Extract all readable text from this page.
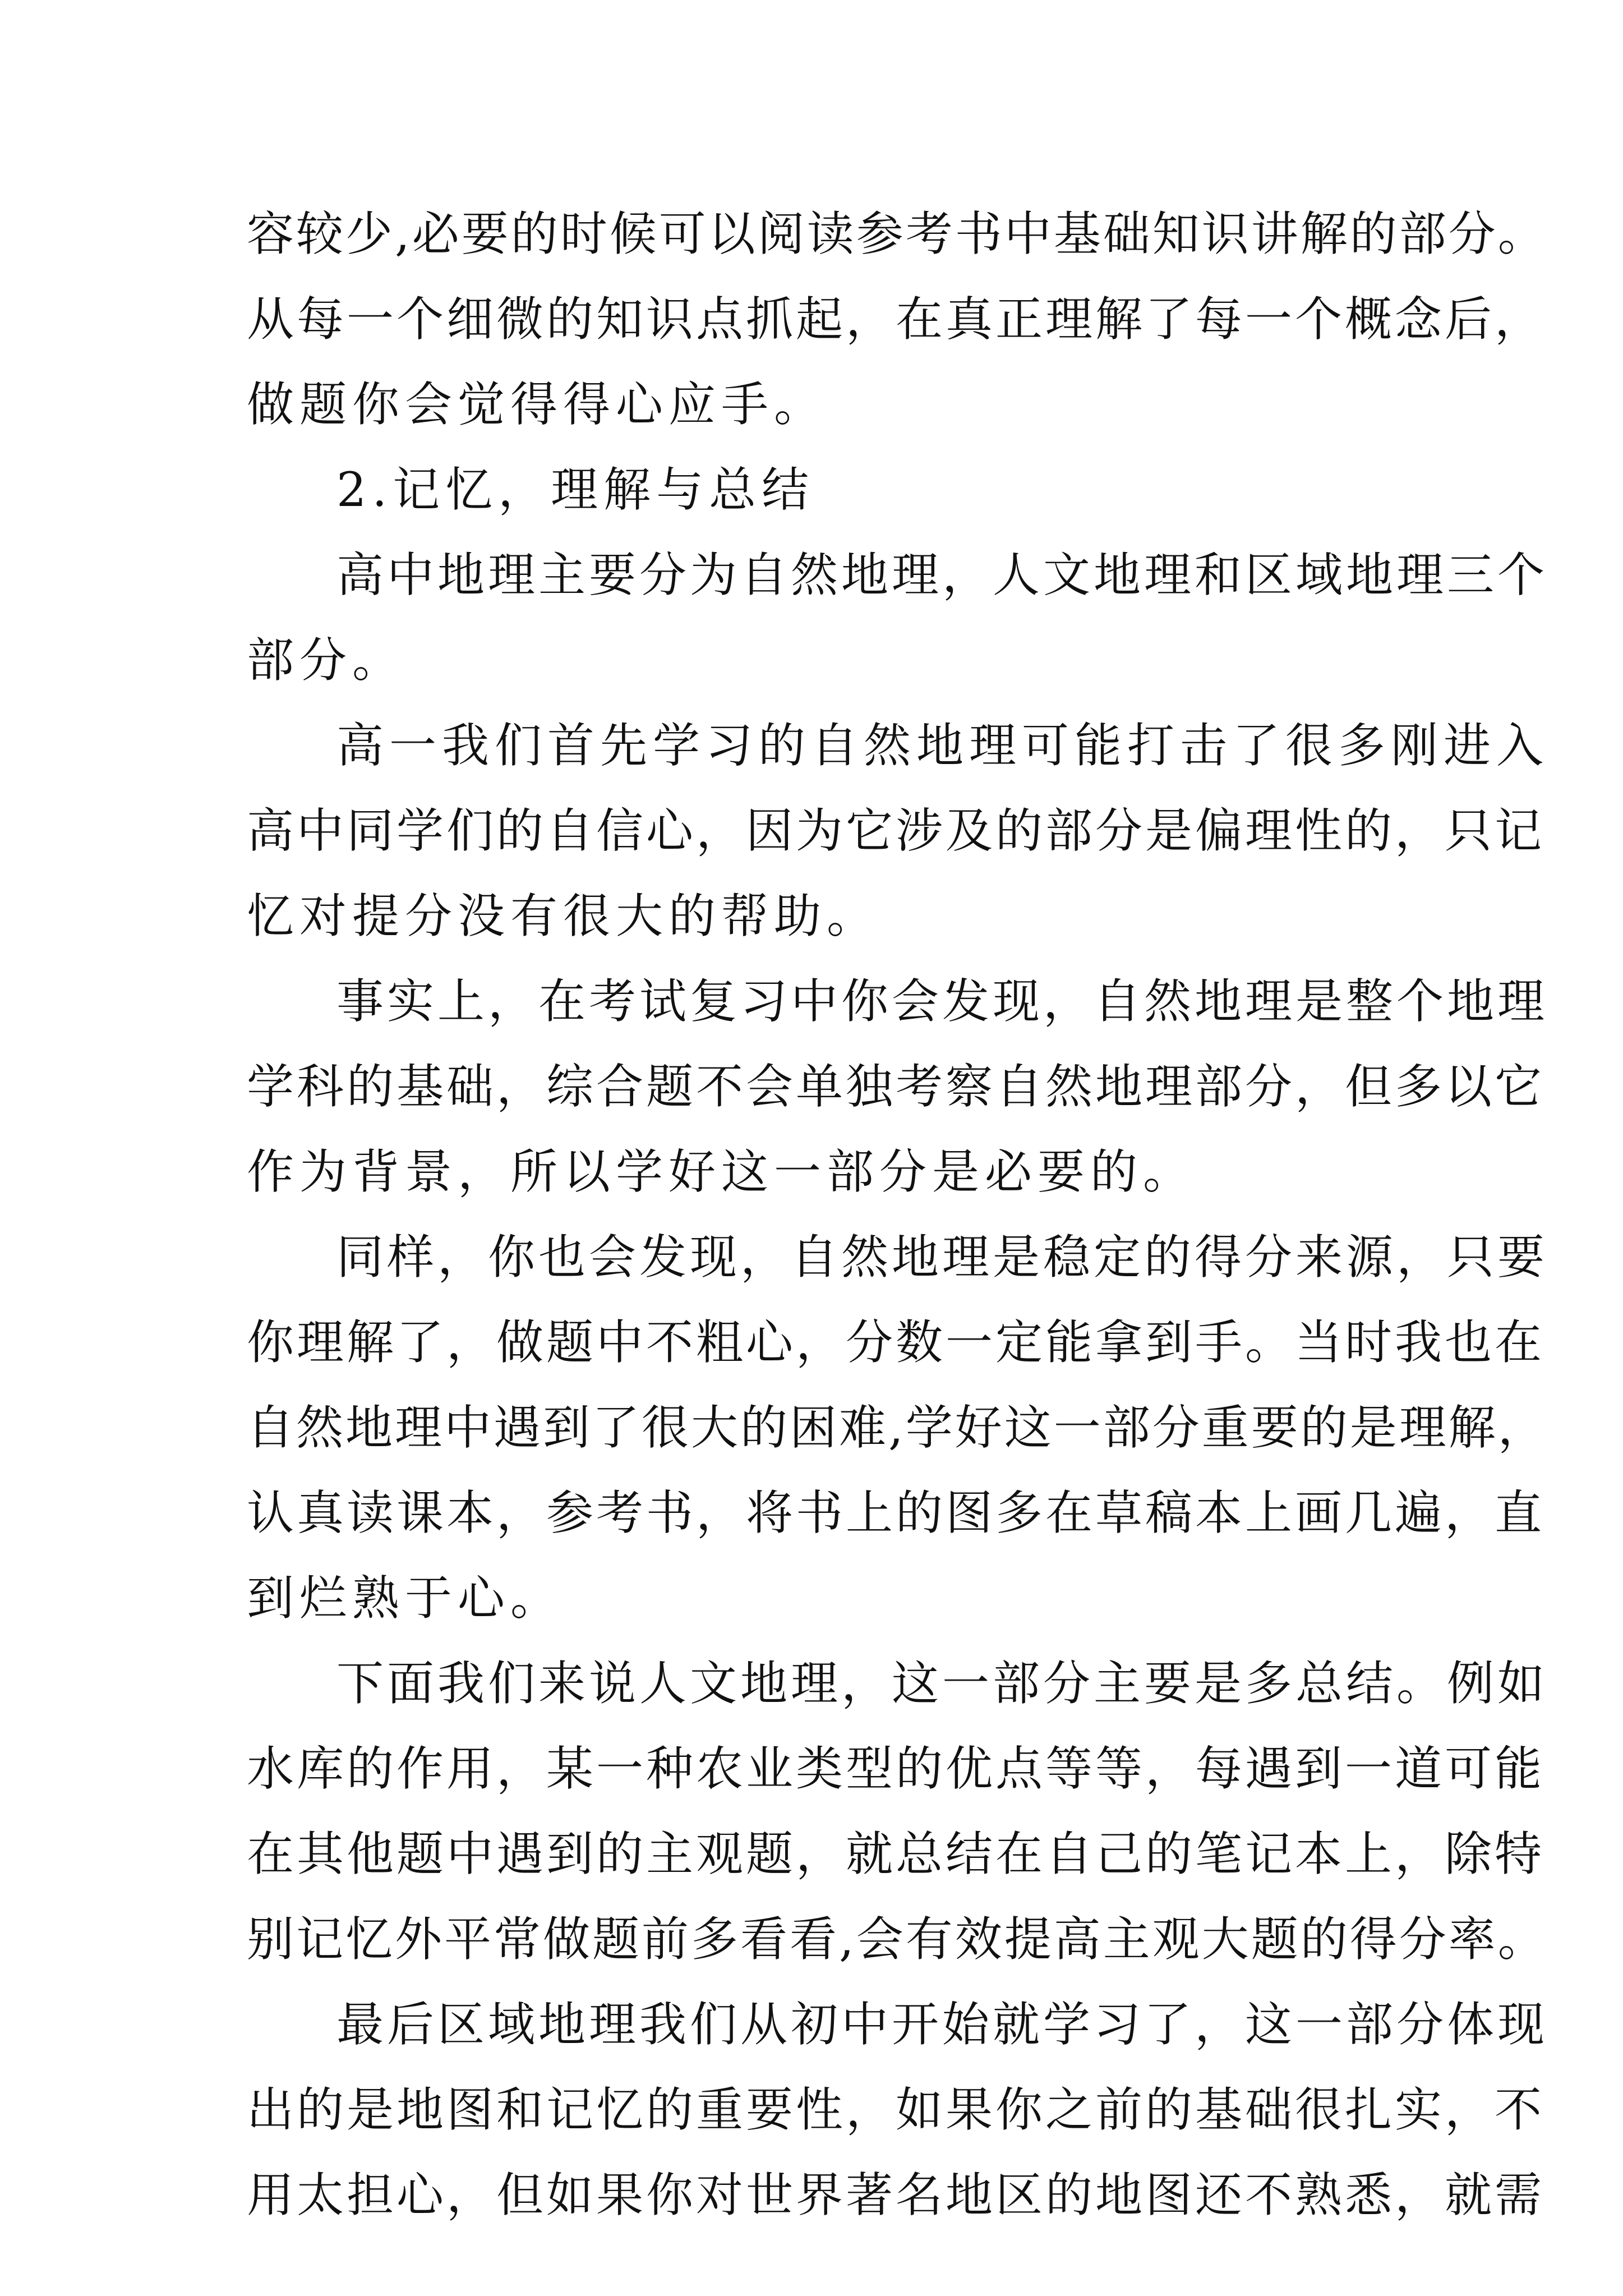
容较少,必要的时候可以阅读参考书中基础知识讲解的部分。
从每一个细微的知识点抓起，在真正理解了每一个概念后，
做题你会觉得得心应手。
2.记忆，理解与总结
高中地理主要分为自然地理，人文地理和区域地理三个
部分。
高一我们首先学习的自然地理可能打击了很多刚进入
高中同学们的自信心，因为它涉及的部分是偏理性的，只记
忆对提分没有很大的帮助。
事实上，在考试复习中你会发现，自然地理是整个地理
学科的基础，综合题不会单独考察自然地理部分，但多以它
作为背景，所以学好这一部分是必要的。
同样，你也会发现，自然地理是稳定的得分来源，只要
你理解了，做题中不粗心，分数一定能拿到手。当时我也在
自然地理中遇到了很大的困难,学好这一部分重要的是理解，
认真读课本，参考书，将书上的图多在草稿本上画几遍，直
到烂熟于心。
下面我们来说人文地理，这一部分主要是多总结。例如
水库的作用，某一种农业类型的优点等等，每遇到一道可能
在其他题中遇到的主观题，就总结在自己的笔记本上，除特
别记忆外平常做题前多看看,会有效提高主观大题的得分率。
最后区域地理我们从初中开始就学习了，这一部分体现
出的是地图和记忆的重要性，如果你之前的基础很扎实，不
用太担心，但如果你对世界著名地区的地图还不熟悉，就需
